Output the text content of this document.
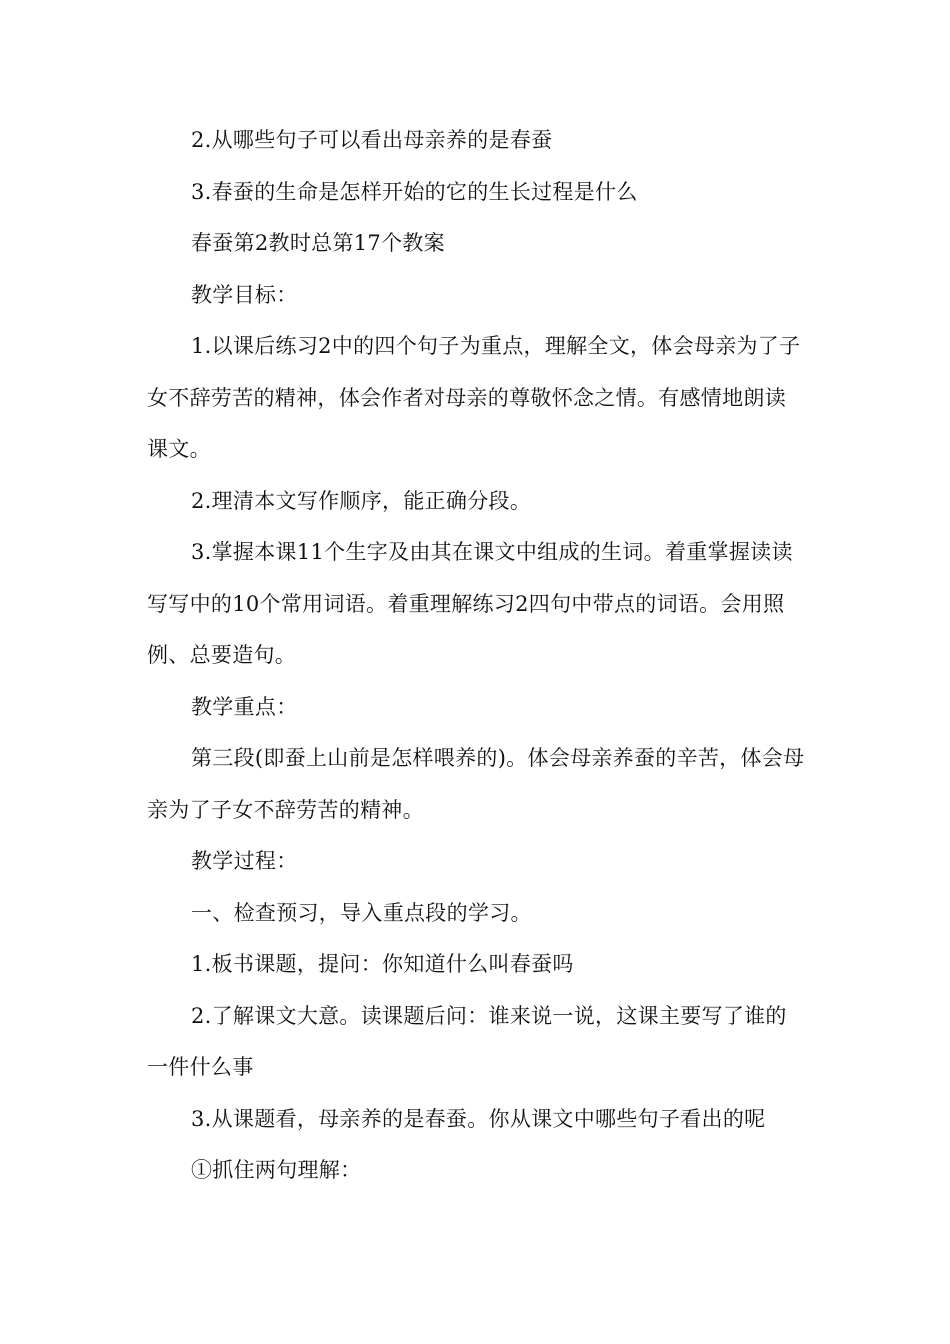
2.从哪些句子可以看出母亲养的是春蚕

3.春蚕的生命是怎样开始的它的生长过程是什么

春蚕第2教时总第17个教案

教学目标：

1.以课后练习2中的四个句子为重点，理解全文，体会母亲为了子女不辞劳苦的精神，体会作者对母亲的尊敬怀念之情。有感情地朗读课文。

2.理清本文写作顺序，能正确分段。

3.掌握本课11个生字及由其在课文中组成的生词。着重掌握读读写写中的10个常用词语。着重理解练习2四句中带点的词语。会用照例、总要造句。

教学重点：

第三段(即蚕上山前是怎样喂养的)。体会母亲养蚕的辛苦，体会母亲为了子女不辞劳苦的精神。

教学过程：

一、检查预习，导入重点段的学习。

1.板书课题，提问：你知道什么叫春蚕吗

2.了解课文大意。读课题后问：谁来说一说，这课主要写了谁的一件什么事

3.从课题看，母亲养的是春蚕。你从课文中哪些句子看出的呢

①抓住两句理解：
